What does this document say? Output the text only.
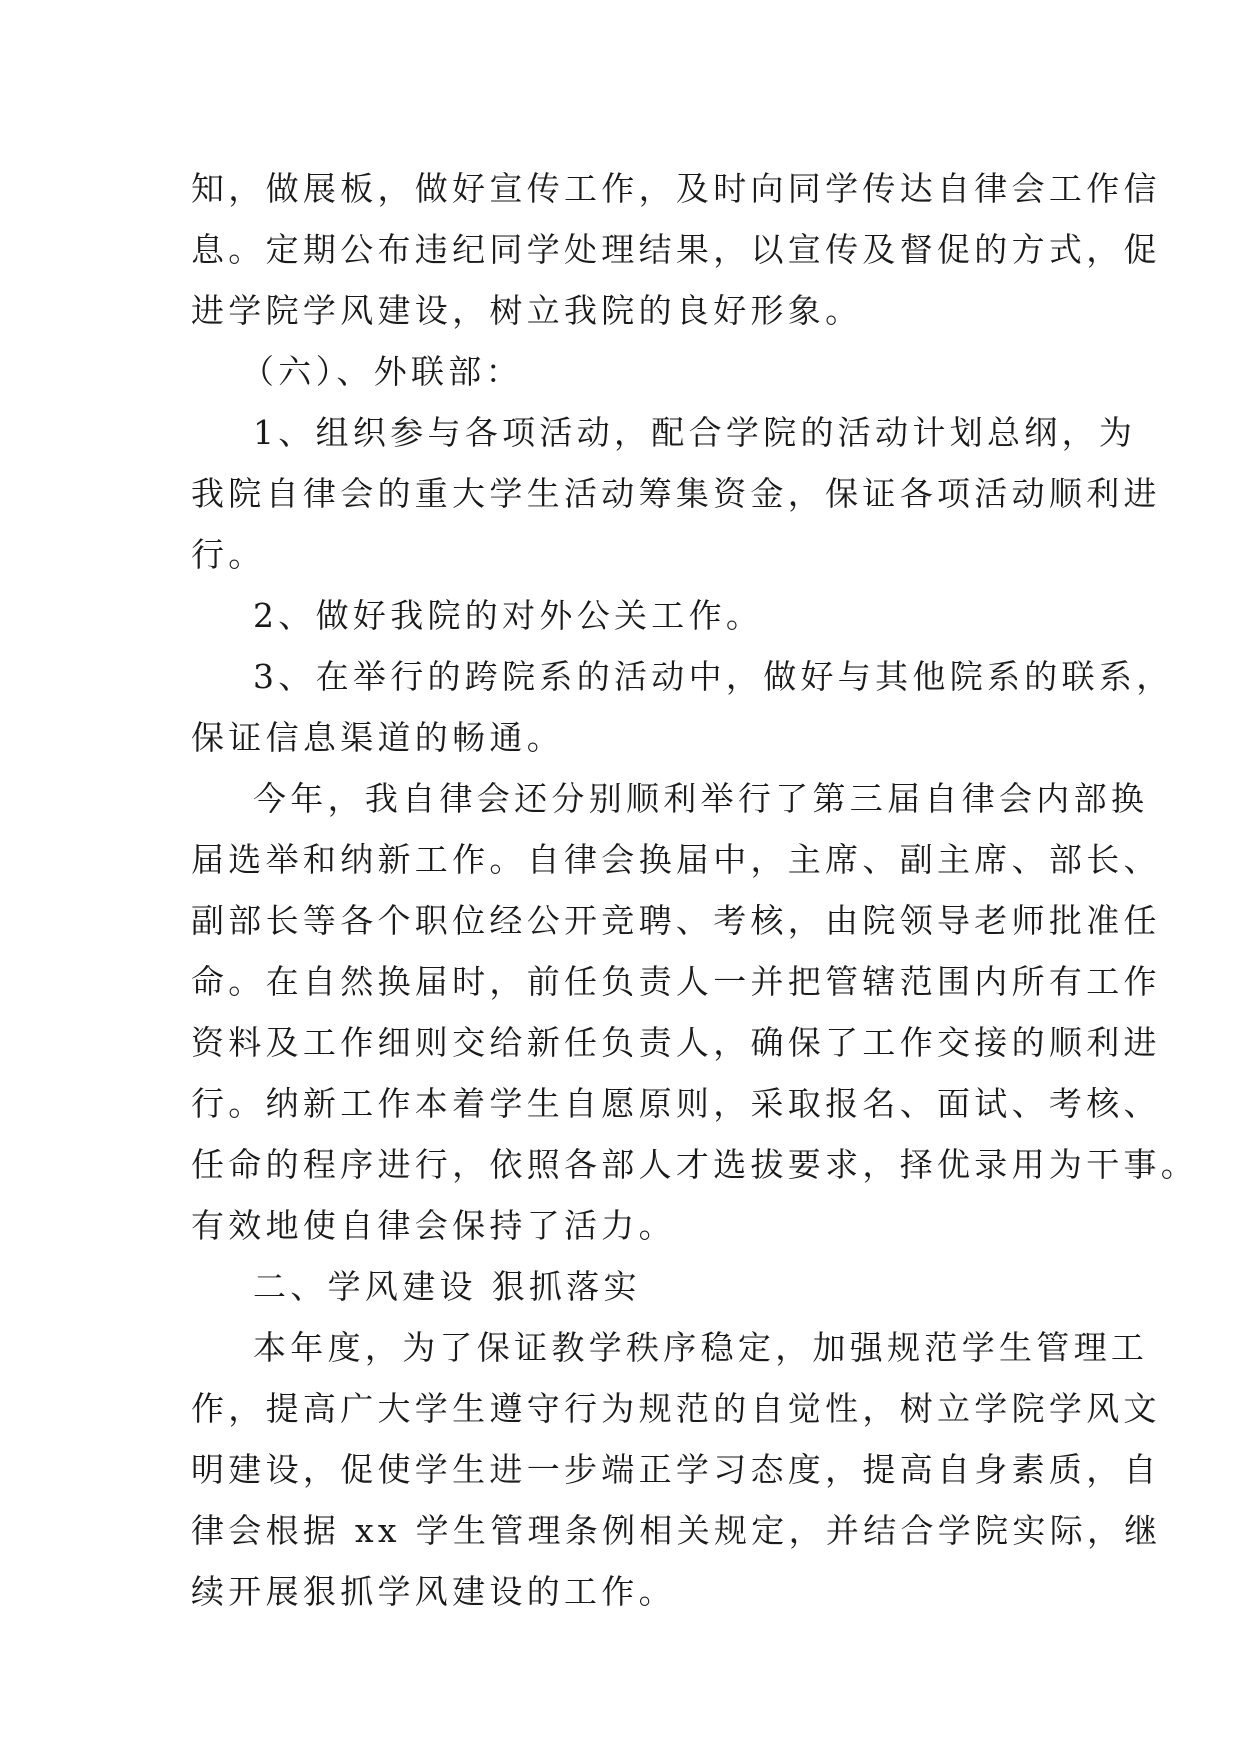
知，做展板，做好宣传工作，及时向同学传达自律会工作信
息。定期公布违纪同学处理结果，以宣传及督促的方式，促
进学院学风建设，树立我院的良好形象。
（六）、外联部：
1、组织参与各项活动，配合学院的活动计划总纲，为
我院自律会的重大学生活动筹集资金，保证各项活动顺利进
行。
2、做好我院的对外公关工作。
3、在举行的跨院系的活动中，做好与其他院系的联系，
保证信息渠道的畅通。
今年，我自律会还分别顺利举行了第三届自律会内部换
届选举和纳新工作。自律会换届中，主席、副主席、部长、
副部长等各个职位经公开竞聘、考核，由院领导老师批准任
命。在自然换届时，前任负责人一并把管辖范围内所有工作
资料及工作细则交给新任负责人，确保了工作交接的顺利进
行。纳新工作本着学生自愿原则，采取报名、面试、考核、
任命的程序进行，依照各部人才选拔要求，择优录用为干事。
有效地使自律会保持了活力。
二、学风建设 狠抓落实
本年度，为了保证教学秩序稳定，加强规范学生管理工
作，提高广大学生遵守行为规范的自觉性，树立学院学风文
明建设，促使学生进一步端正学习态度，提高自身素质，自
律会根据 xx 学生管理条例相关规定，并结合学院实际，继
续开展狠抓学风建设的工作。
